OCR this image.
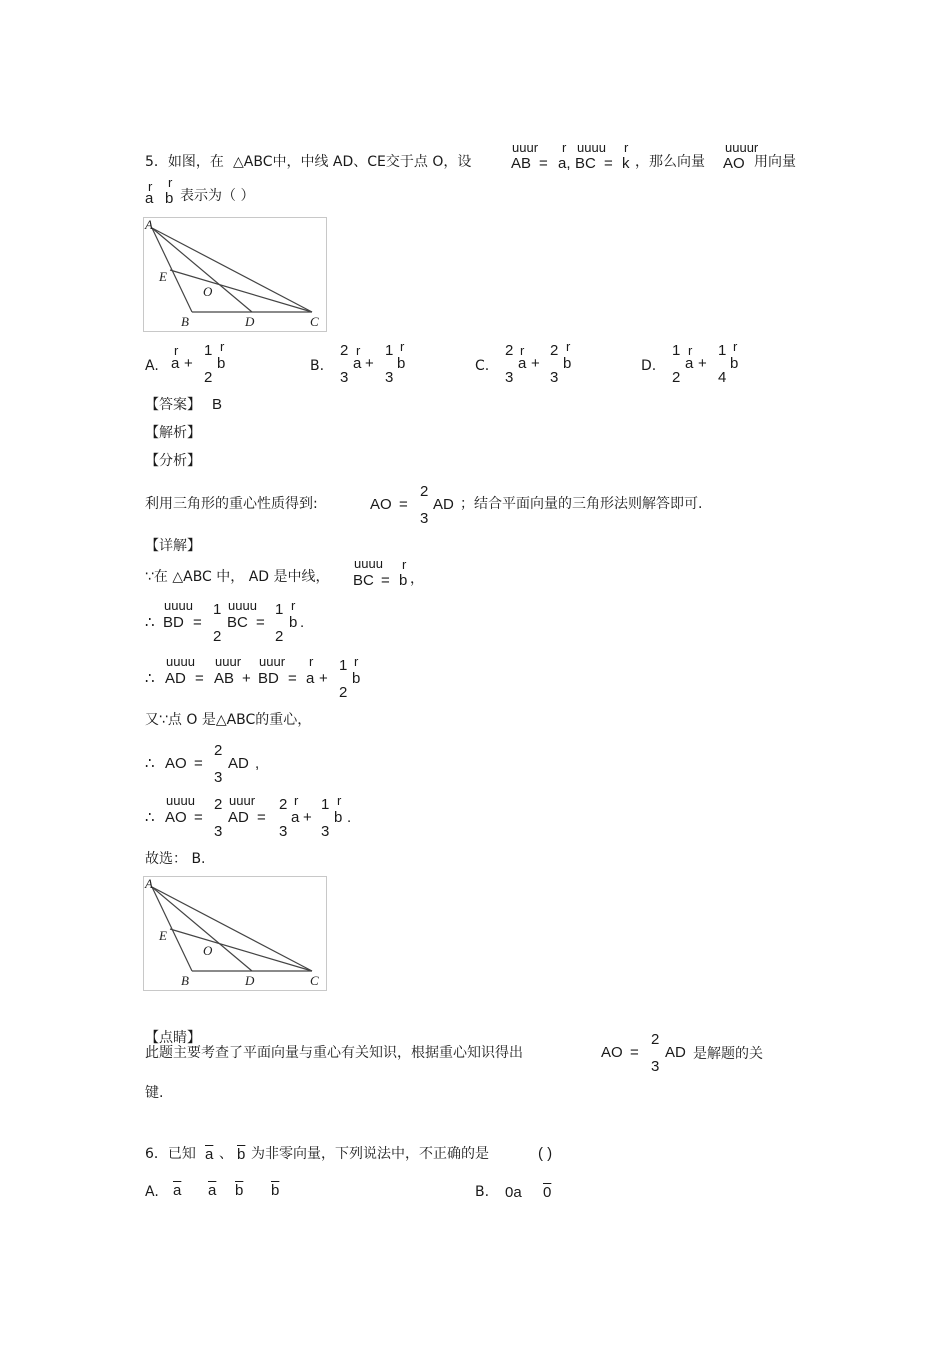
5．如图，在 △ABC中，中线 AD、CE交于点 O，设
uuur
AB =
r
a,
uuuu
BC =
r
k ，那么向量
uuuur
AO 用向量
r
a
r
b 表示为（ ）
A
E
O
B	D	C
A.
r
a +
1
2
r
b	B.
2
3
r
a +
1
3
r
b	C.
2
3
r
a +
2
3
r
b	D.
1
2
r
a +
1
4
r
b
【答案】 B
【解析】
【分析】
利用三角形的重心性质得到:	AO =
2
3
AD ；结合平面向量的三角形法则解答即可.
【详解】
∵在 △ABC 中， AD 是中线，
uuuu
BC =
r
b ，
∴
uuuu
BD =
1
2
uuuu
BC =
1
2
r
b .
∴
uuuu
AD =
uuur
AB +
uuur
BD =
r
a +
1
2
r
b
又∵点 O 是△ABC的重心，
∴ AO =
2
3
AD ,
∴
uuuu
AO =
2
3
uuur
AD =
2
3
r
a +
1
3
r
b .
故选： B.
A
E
O
B	D	C
【点睛】
此题主要考查了平面向量与重心有关知识，根据重心知识得出	AO =
2
3
AD 是解题的关
键.
6．已知 $\overline{a}$ 、 $\overline{b}$ 为非零向量，下列说法中，不正确的是	( )
A. $\overline{a}$ $\overline{a}$ $\overline{b}$ $\overline{b}$	B. 0a 0
